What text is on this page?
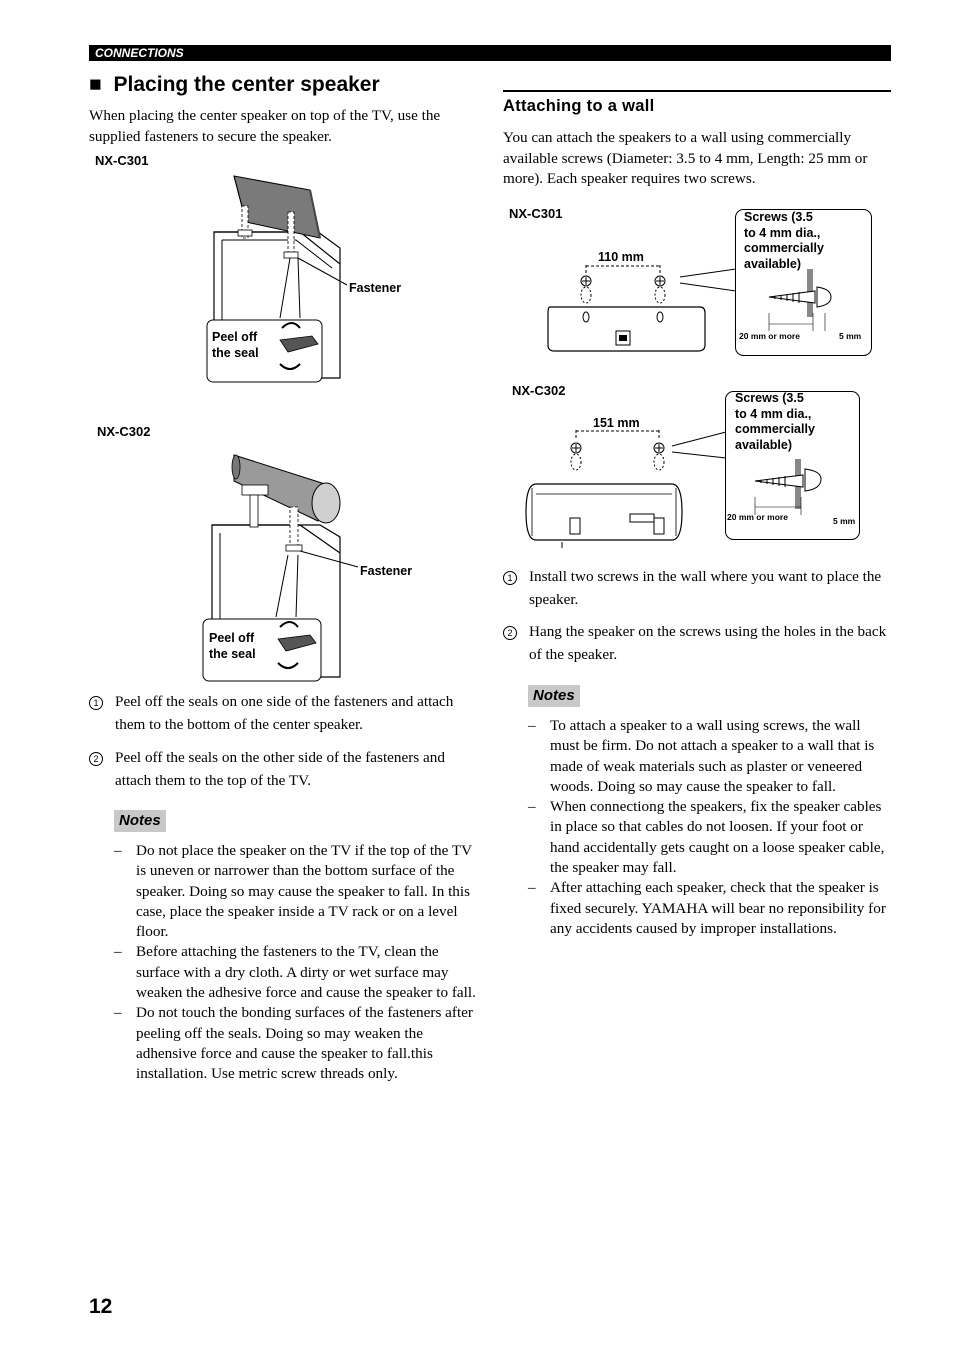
CONNECTIONS
■ Placing the center speaker
When placing the center speaker on top of the TV, use the supplied fasteners to secure the speaker.
NX-C301
Fastener
Peel off
the seal
NX-C302
Fastener
Peel off
the seal
1 Peel off the seals on one side of the fasteners and attach them to the bottom of the center speaker.
2 Peel off the seals on the other side of the fasteners and attach them to the top of the TV.
Notes
– Do not place the speaker on the TV if the top of the TV is uneven or narrower than the bottom surface of the speaker. Doing so may cause the speaker to fall. In this case, place the speaker inside a TV rack or on a level floor.
– Before attaching the fasteners to the TV, clean the surface with a dry cloth. A dirty or wet surface may weaken the adhesive force and cause the speaker to fall.
– Do not touch the bonding surfaces of the fasteners after peeling off the seals. Doing so may weaken the adhensive force and cause the speaker to fall.this installation. Use metric screw threads only.
Attaching to a wall
You can attach the speakers to a wall using commercially available screws (Diameter: 3.5 to 4 mm, Length: 25 mm or more). Each speaker requires two screws.
NX-C301
110 mm
Screws (3.5
to 4 mm dia.,
commercially
available)
20 mm or more	5 mm
NX-C302
151 mm
Screws (3.5
to 4 mm dia.,
commercially
available)
20 mm or more	5 mm
1 Install two screws in the wall where you want to place the speaker.
2 Hang the speaker on the screws using the holes in the back of the speaker.
Notes
– To attach a speaker to a wall using screws, the wall must be firm. Do not attach a speaker to a wall that is made of weak materials such as plaster or veneered woods. Doing so may cause the speaker to fall.
– When connectiong the speakers, fix the speaker cables in place so that cables do not loosen. If your foot or hand accidentally gets caught on a loose speaker cable, the speaker may fall.
– After attaching each speaker, check that the speaker is fixed securely. YAMAHA will bear no reponsibility for any accidents caused by improper installations.
12
